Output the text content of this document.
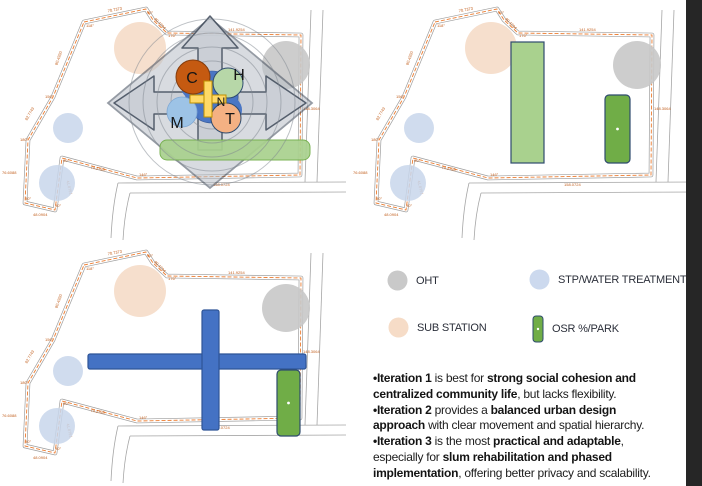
C H
M	T
N
OHT	STP/WATER TREATMENT
SUB STATION	OSR %/PARK
•Iteration 1 is best for strong social cohesion and
centralized community life, but lacks flexibility.
•Iteration 2 provides a balanced urban design
approach with clear movement and spatial hierarchy.
•Iteration 3 is the most practical and adaptable,
especially for slum rehabilitation and phased
implementation, offering better privacy and scalability.
